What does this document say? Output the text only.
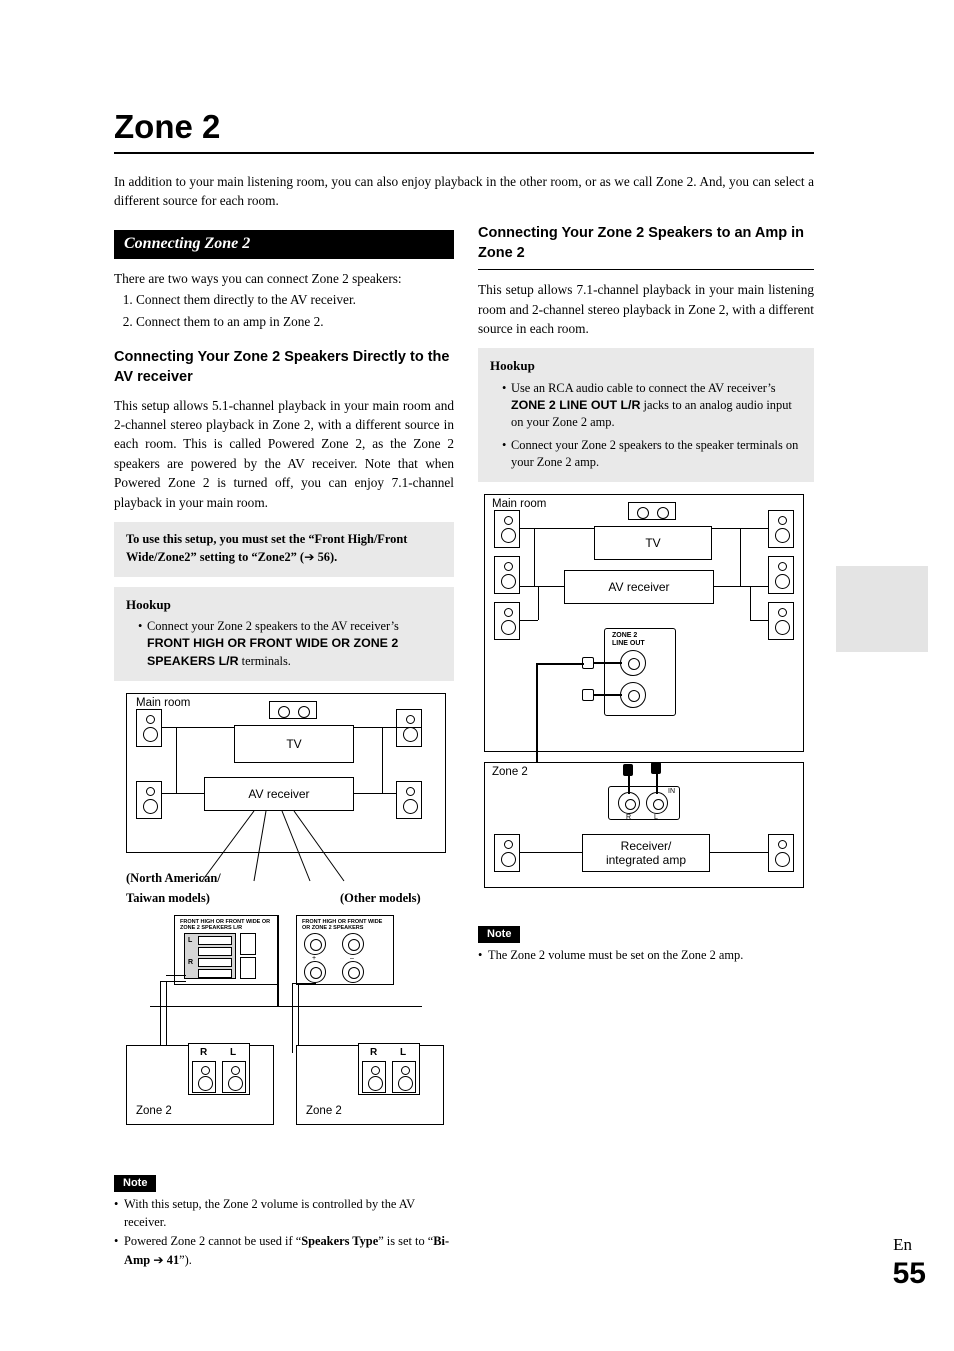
Zone 2
In addition to your main listening room, you can also enjoy playback in the other room, or as we call Zone 2. And, you can select a different source for each room.
Connecting Zone 2
There are two ways you can connect Zone 2 speakers:
1. Connect them directly to the AV receiver.
2. Connect them to an amp in Zone 2.
Connecting Your Zone 2 Speakers Directly to the AV receiver
This setup allows 5.1-channel playback in your main room and 2-channel stereo playback in Zone 2, with a different source in each room. This is called Powered Zone 2, as the Zone 2 speakers are powered by the AV receiver. Note that when Powered Zone 2 is turned off, you can enjoy 7.1-channel playback in your main room.
To use this setup, you must set the “Front High/Front Wide/Zone2” setting to “Zone2” (➔ 56).
Hookup
• Connect your Zone 2 speakers to the AV receiver’s FRONT HIGH OR FRONT WIDE OR ZONE 2 SPEAKERS L/R terminals.
Main room
TV
AV receiver
(North American/
Taiwan models)	(Other models)
FRONT HIGH OR FRONT WIDE OR ZONE 2 SPEAKERS L/R
L
R
R L
Zone 2
FRONT HIGH OR FRONT WIDE OR ZONE 2 SPEAKERS
+	–
R L
Zone 2
Note
• With this setup, the Zone 2 volume is controlled by the AV receiver.
• Powered Zone 2 cannot be used if “Speakers Type” is set to “Bi-Amp ➔ 41”).
Connecting Your Zone 2 Speakers to an Amp in Zone 2
This setup allows 7.1-channel playback in your main listening room and 2-channel stereo playback in Zone 2, with a different source in each room.
Hookup
• Use an RCA audio cable to connect the AV receiver’s ZONE 2 LINE OUT L/R jacks to an analog audio input on your Zone 2 amp.
• Connect your Zone 2 speakers to the speaker terminals on your Zone 2 amp.
Main room
TV
AV receiver
ZONE 2
LINE OUT
Zone 2
R	L
IN
Receiver/
integrated amp
Note
• The Zone 2 volume must be set on the Zone 2 amp.
En
55
